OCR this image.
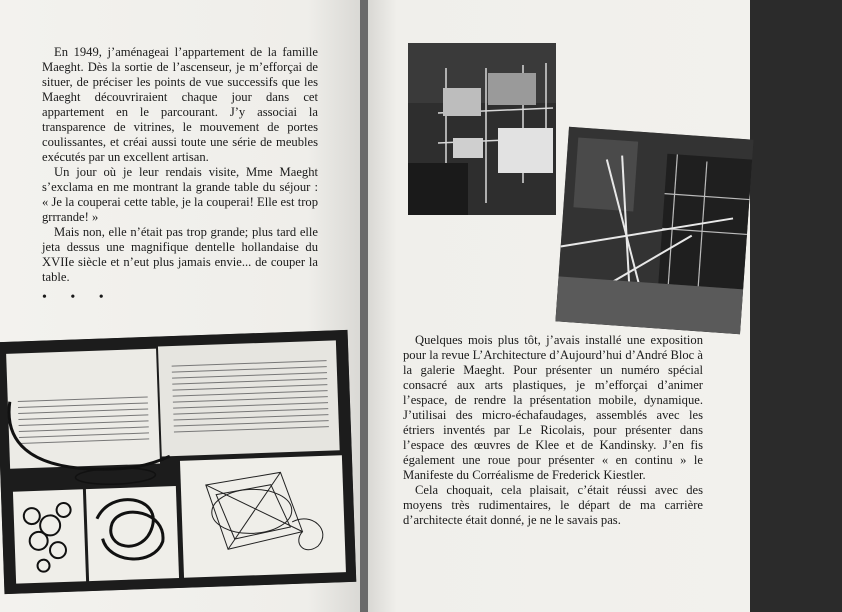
En 1949, j’aménageai l’appartement de la famille Maeght. Dès la sortie de l’ascenseur, je m’efforçai de situer, de préciser les points de vue successifs que les Maeght découvriraient chaque jour dans cet appartement en le parcourant. J’y associai la transparence de vitrines, le mouvement de portes coulissantes, et créai aussi toute une série de meubles exécutés par un excellent artisan.

Un jour où je leur rendais visite, Mme Maeght s’exclama en me montrant la grande table du séjour : « Je la couperai cette table, je la couperai! Elle est trop grrrande! »

Mais non, elle n’était pas trop grande; plus tard elle jeta dessus une magnifique dentelle hollandaise du XVIIe siècle et n’eut plus jamais envie... de couper la table.

• • •

Quelques mois plus tôt, j’avais installé une exposition pour la revue L’Architecture d’Aujourd’hui d’André Bloc à la galerie Maeght. Pour présenter un numéro spécial consacré aux arts plastiques, je m’efforçai d’animer l’espace, de rendre la présentation mobile, dynamique. J’utilisai des micro-échafaudages, assemblés avec les étriers inventés par Le Ricolais, pour présenter dans l’espace des œuvres de Klee et de Kandinsky. J’en fis également une roue pour présenter « en continu » le Manifeste du Corréalisme de Frederick Kiestler.

Cela choquait, cela plaisait, c’était réussi avec des moyens très rudimentaires, le départ de ma carrière d’architecte était donné, je ne le savais pas.
